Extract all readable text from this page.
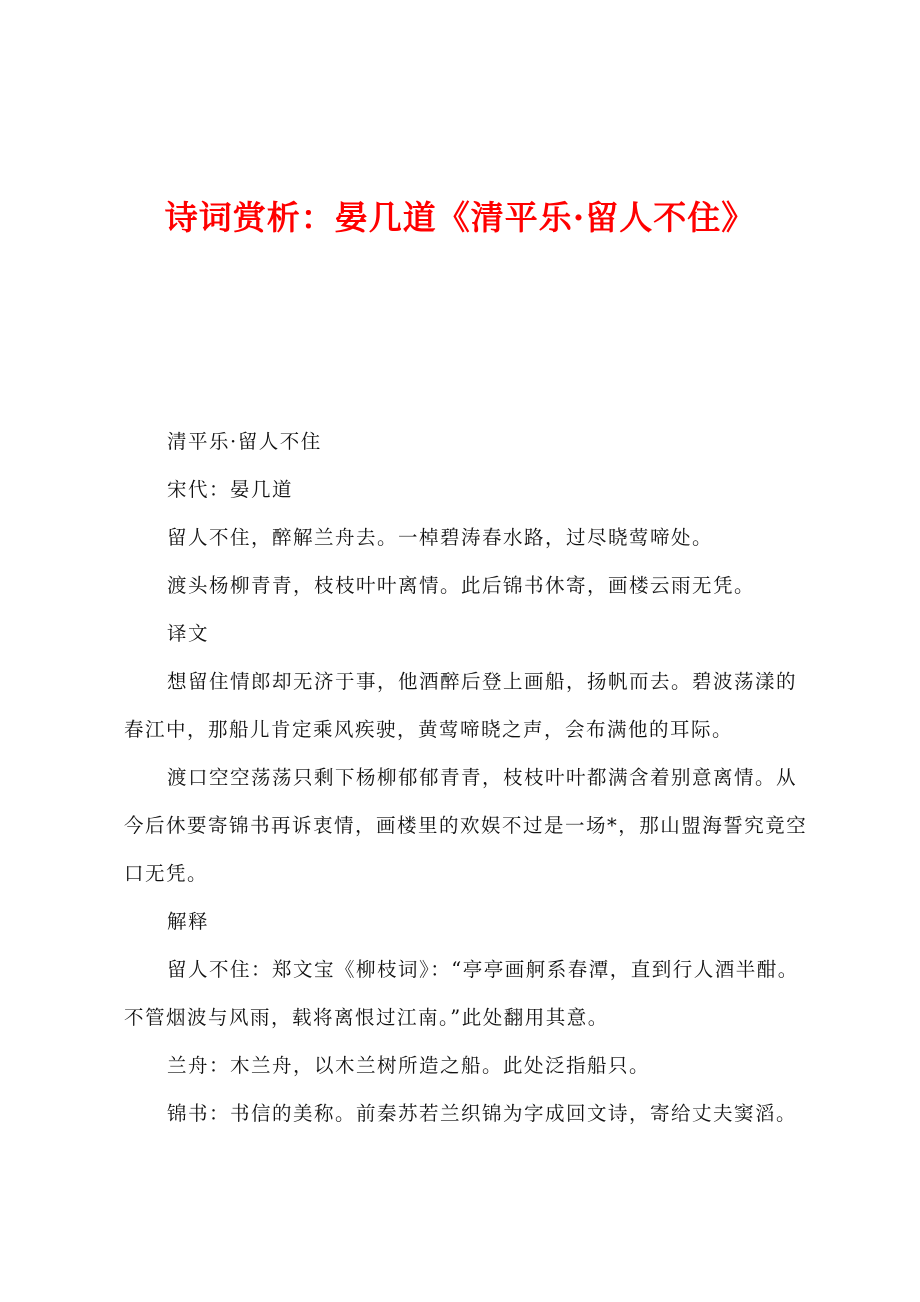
诗词赏析：晏几道《清平乐·留人不住》

清平乐·留人不住

宋代：晏几道

留人不住，醉解兰舟去。一棹碧涛春水路，过尽晓莺啼处。

渡头杨柳青青，枝枝叶叶离情。此后锦书休寄，画楼云雨无凭。

译文

想留住情郎却无济于事，他酒醉后登上画船，扬帆而去。碧波荡漾的春江中，那船儿肯定乘风疾驶，黄莺啼晓之声，会布满他的耳际。

渡口空空荡荡只剩下杨柳郁郁青青，枝枝叶叶都满含着别意离情。从今后休要寄锦书再诉衷情，画楼里的欢娱不过是一场*，那山盟海誓究竟空口无凭。

解释

留人不住：郑文宝《柳枝词》：“亭亭画舸系春潭，直到行人酒半酣。不管烟波与风雨，载将离恨过江南。”此处翻用其意。

兰舟：木兰舟，以木兰树所造之船。此处泛指船只。

锦书：书信的美称。前秦苏若兰织锦为字成回文诗，寄给丈夫窦滔。
